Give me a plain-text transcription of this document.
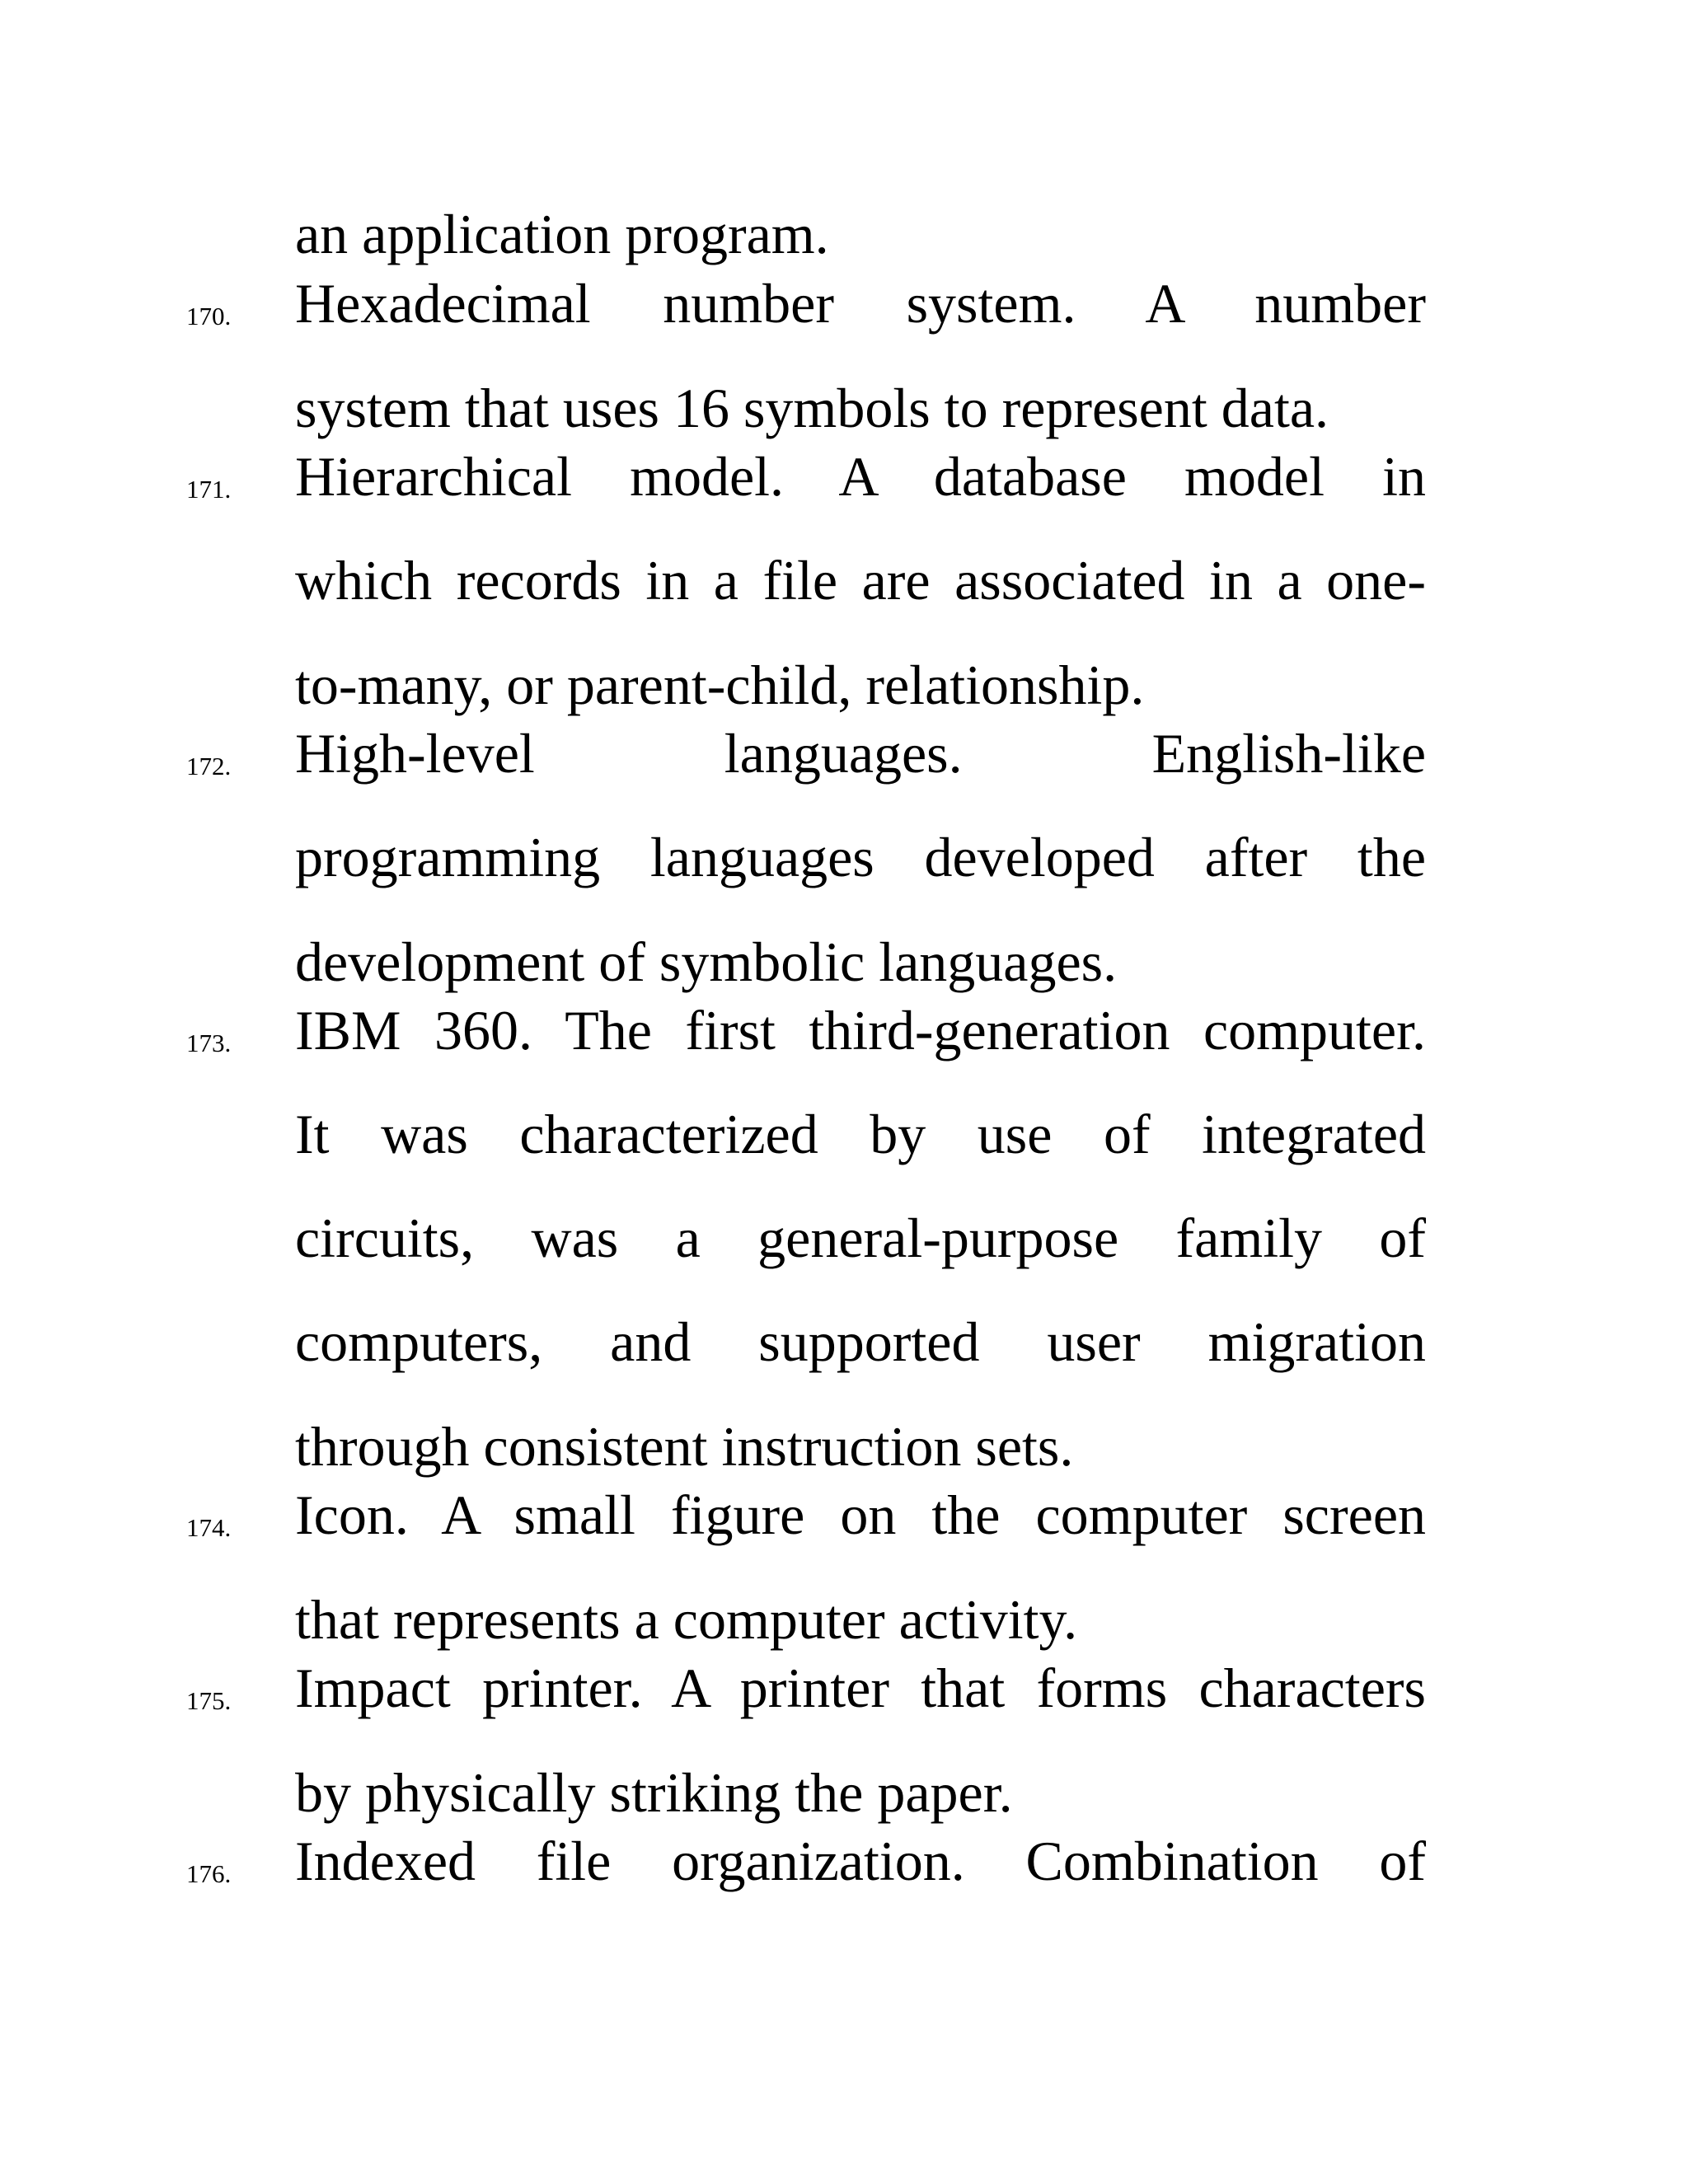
an application program.
170. Hexadecimal number system. A number
system that uses 16 symbols to represent data.
171. Hierarchical model. A database model in
which records in a file are associated in a one-
to-many, or parent-child, relationship.
172. High-level languages. English-like
programming languages developed after the
development of symbolic languages.
173. IBM 360. The first third-generation computer.
It was characterized by use of integrated
circuits, was a general-purpose family of
computers, and supported user migration
through consistent instruction sets.
174. Icon. A small figure on the computer screen
that represents a computer activity.
175. Impact printer. A printer that forms characters
by physically striking the paper.
176. Indexed file organization. Combination of
